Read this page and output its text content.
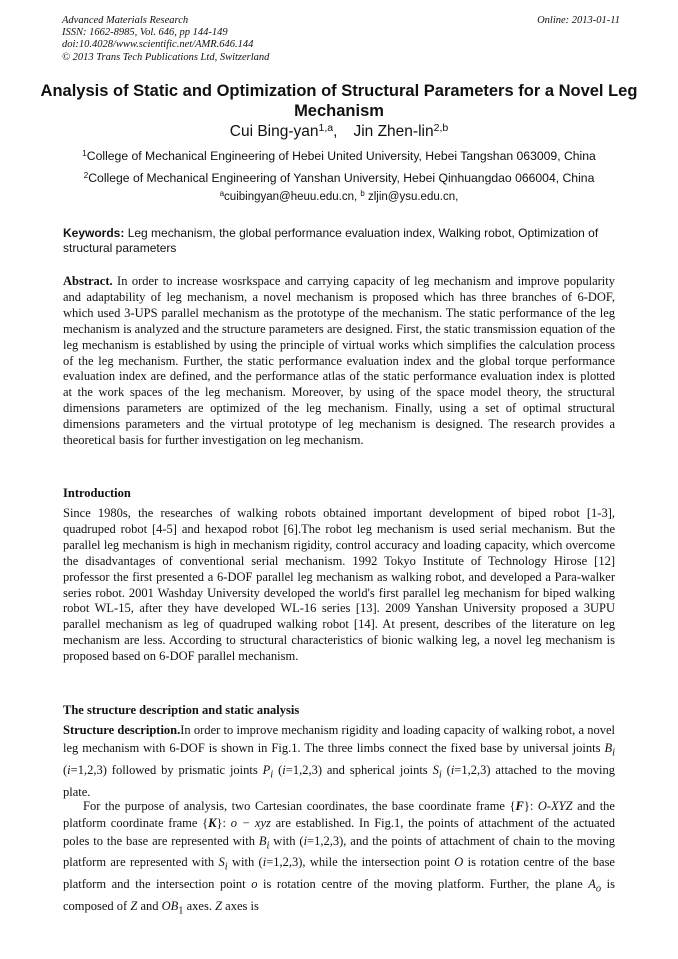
Advanced Materials Research
ISSN: 1662-8985, Vol. 646, pp 144-149
doi:10.4028/www.scientific.net/AMR.646.144
© 2013 Trans Tech Publications Ltd, Switzerland
Online: 2013-01-11
Analysis of Static and Optimization of Structural Parameters for a Novel Leg Mechanism
Cui Bing-yan$^{1,a}$, Jin Zhen-lin$^{2,b}$
$^1$College of Mechanical Engineering of Hebei United University, Hebei Tangshan 063009, China
$^2$College of Mechanical Engineering of Yanshan University, Hebei Qinhuangdao 066004, China
$^a$cuibingyan@heuu.edu.cn, $^b$ zljin@ysu.edu.cn,
Keywords: Leg mechanism, the global performance evaluation index, Walking robot, Optimization of structural parameters

Abstract. In order to increase wosrkspace and carrying capacity of leg mechanism and improve popularity and adaptability of leg mechanism, a novel mechanism is proposed which has three branches of 6-DOF, which used 3-UPS parallel mechanism as the prototype of the mechanism. The static performance of the leg mechanism is analyzed and the structure parameters are designed. First, the static transmission equation of the leg mechanism is established by using the principle of virtual works which simplifies the calculation process of the leg mechanism. Further, the static performance evaluation index and the global torque performance evaluation index are defined, and the performance atlas of the static performance evaluation index is plotted at the work spaces of the leg mechanism. Moreover, by using of the space model theory, the structural dimensions parameters are optimized of the leg mechanism. Finally, using a set of optimal structural dimensions parameters and the virtual prototype of leg mechanism is designed. The research provides a theoretical basis for further investigation on leg mechanism.

Introduction

Since 1980s, the researches of walking robots obtained important development of biped robot [1-3], quadruped robot [4-5] and hexapod robot [6].The robot leg mechanism is used serial mechanism. But the parallel leg mechanism is high in mechanism rigidity, control accuracy and loading capacity, which overcome the disadvantages of conventional serial mechanism. 1992 Tokyo Institute of Technology Hirose [12] professor the first presented a 6-DOF parallel leg mechanism as walking robot, and developed a Para-walker series robot. 2001 Washday University developed the world's first parallel leg mechanism for biped walking robot WL-15, after they have developed WL-16 series [13]. 2009 Yanshan University proposed a 3UPU parallel mechanism as leg of quadruped walking robot [14]. At present, describes of the literature on leg mechanism are less. According to structural characteristics of bionic walking leg, a novel leg mechanism is proposed based on 6-DOF parallel mechanism.

The structure description and static analysis

Structure description.In order to improve mechanism rigidity and loading capacity of walking robot, a novel leg mechanism with 6-DOF is shown in Fig.1. The three limbs connect the fixed base by universal joints $B_i$ (i=1,2,3) followed by prismatic joints $P_i$ (i=1,2,3) and spherical joints $S_i$ (i=1,2,3) attached to the moving plate.

For the purpose of analysis, two Cartesian coordinates, the base coordinate frame {F}: O-XYZ and the platform coordinate frame {K}: o − xyz are established. In Fig.1, the points of attachment of the actuated poles to the base are represented with $B_i$ with (i=1,2,3), and the points of attachment of chain to the moving platform are represented with $S_i$ with (i=1,2,3), while the intersection point O is rotation centre of the base platform and the intersection point o is rotation centre of the moving platform. Further, the plane $A_o$ is composed of Z and $OB_1$ axes. Z axes is
